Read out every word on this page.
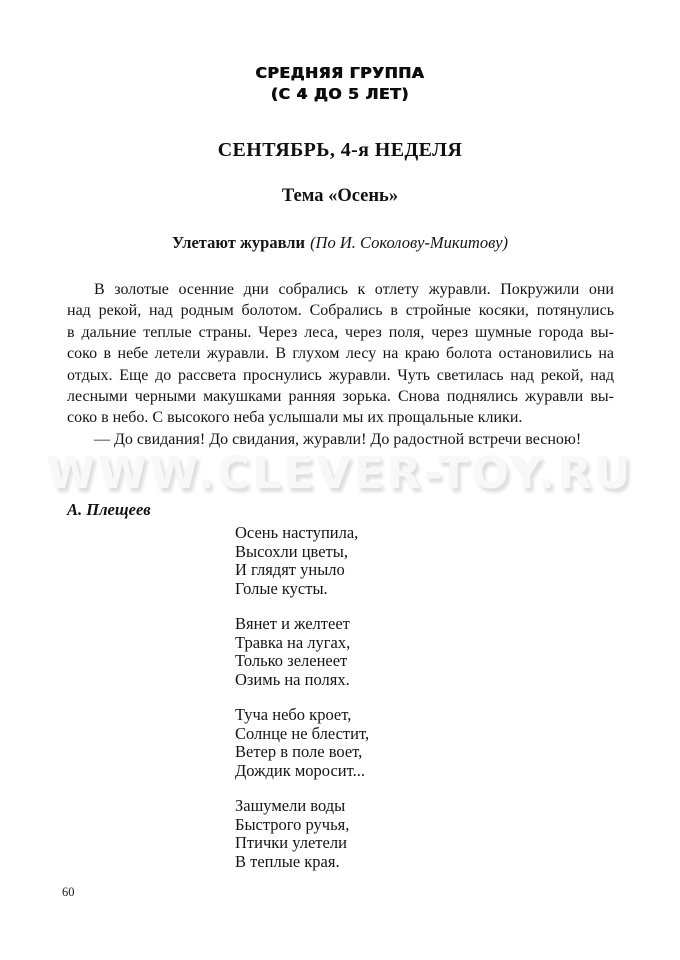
СРЕДНЯЯ ГРУППА
(С 4 ДО 5 ЛЕТ)
СЕНТЯБРЬ, 4-я НЕДЕЛЯ
Тема «Осень»
Улетают журавли (По И. Соколову-Микитову)
В золотые осенние дни собрались к отлету журавли. Покружили они
над рекой, над родным болотом. Собрались в стройные косяки, потянулись
в дальние теплые страны. Через леса, через поля, через шумные города вы-
соко в небе летели журавли. В глухом лесу на краю болота остановились на
отдых. Еще до рассвета проснулись журавли. Чуть светилась над рекой, над
лесными черными макушками ранняя зорька. Снова поднялись журавли вы-
соко в небо. С высокого неба услышали мы их прощальные клики.
— До свидания! До свидания, журавли! До радостной встречи весною!
WWW.CLEVER-TOY.RU
А. Плещеев
Осень наступила,
Высохли цветы,
И глядят уныло
Голые кусты.
Вянет и желтеет
Травка на лугах,
Только зеленеет
Озимь на полях.
Туча небо кроет,
Солнце не блестит,
Ветер в поле воет,
Дождик моросит...
Зашумели воды
Быстрого ручья,
Птички улетели
В теплые края.
60
